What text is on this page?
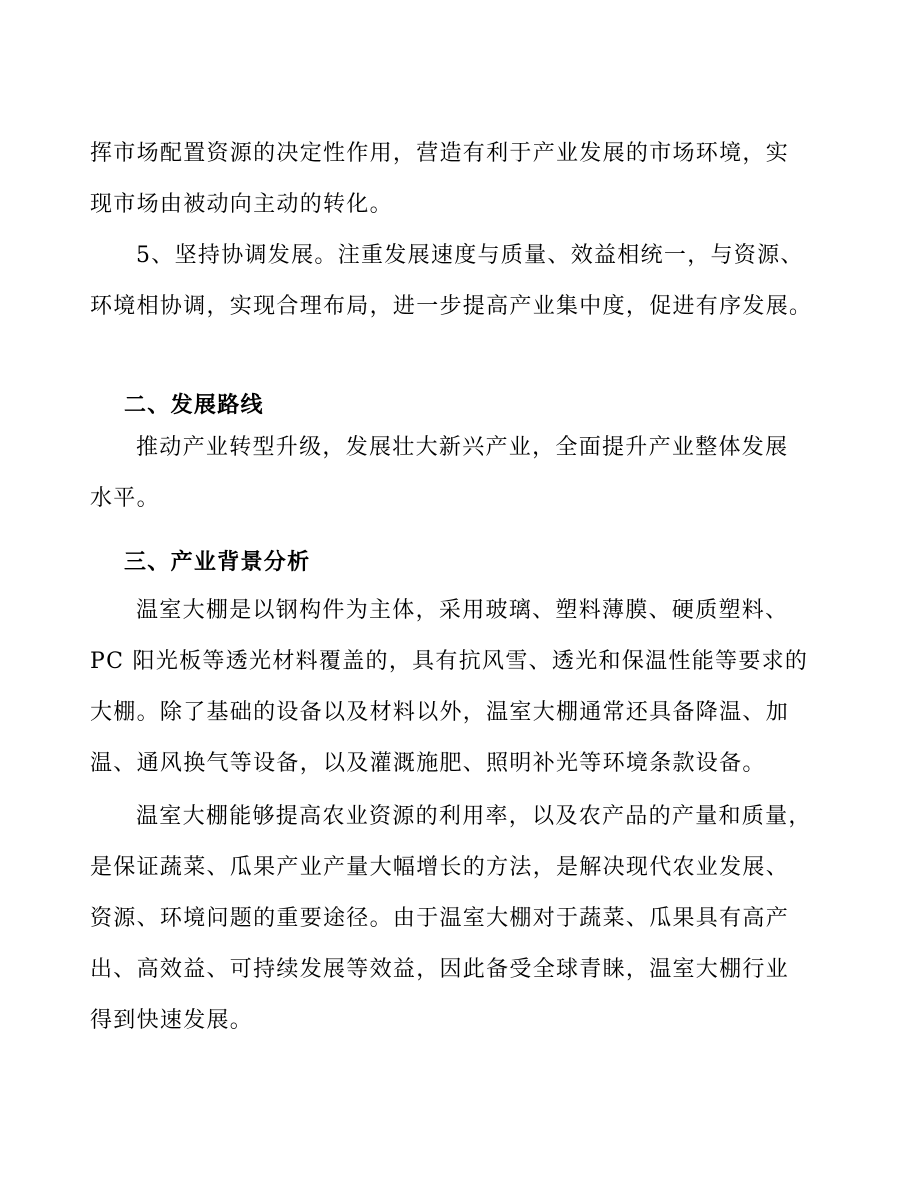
挥市场配置资源的决定性作用，营造有利于产业发展的市场环境，实
现市场由被动向主动的转化。
5、坚持协调发展。注重发展速度与质量、效益相统一，与资源、
环境相协调，实现合理布局，进一步提高产业集中度，促进有序发展。
二、发展路线
推动产业转型升级，发展壮大新兴产业，全面提升产业整体发展
水平。
三、产业背景分析
温室大棚是以钢构件为主体，采用玻璃、塑料薄膜、硬质塑料、
PC 阳光板等透光材料覆盖的，具有抗风雪、透光和保温性能等要求的
大棚。除了基础的设备以及材料以外，温室大棚通常还具备降温、加
温、通风换气等设备，以及灌溉施肥、照明补光等环境条款设备。
温室大棚能够提高农业资源的利用率，以及农产品的产量和质量，
是保证蔬菜、瓜果产业产量大幅增长的方法，是解决现代农业发展、
资源、环境问题的重要途径。由于温室大棚对于蔬菜、瓜果具有高产
出、高效益、可持续发展等效益，因此备受全球青睐，温室大棚行业
得到快速发展。
